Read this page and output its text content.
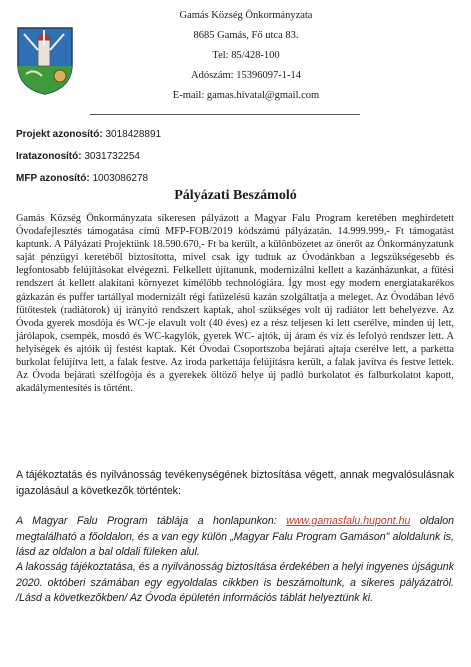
Gamás Község Önkormányzata
8685 Gamás, Fő utca 83.
Tel: 85/428-100
Adószám: 15396097-1-14
E-mail: gamas.hivatal@gmail.com
Projekt azonosító: 3018428891
Iratazonosító: 3031732254
MFP azonosító: 1003086278
Pályázati Beszámoló
Gamás Község Önkormányzata sikeresen pályázott a Magyar Falu Program keretében meghirdetett Óvodafejlesztés támogatása című MFP-FOB/2019 kódszámú pályázatán. 14.999.999,- Ft támogatást kaptunk. A Pályázati Projektünk 18.590.670,- Ft ba került, a különbözetet az önerőt az Önkormányzatunk saját pénzügyi keretéből biztosította, mivel csak így tudtuk az Óvodánkban a legszükségesebb és legfontosabb felújításokat elvégezni. Felkellett újítanunk, modernizálni kellett a kazánházunkat, a fűtési rendszert át kellett alakítani környezet kímélőbb technológiára. Így most egy modern energiatakarékos gázkazán és puffer tartállyal modernizált régi fatüzelésű kazán szolgáltatja a meleget. Az Óvodában lévő fűtőtestek (radiátorok) új irányító rendszert kaptak, ahol szükséges volt új radiátor lett behelyezve. Az Óvoda gyerek mosdója és WC-je elavult volt (40 éves) ez a rész teljesen ki lett cserélve, minden új lett, járólapok, csempék, mosdó és WC-kagylók, gyerek WC- ajtók, új áram és víz és lefolyó rendszer lett. A helyiségek és ajtóik új festést kaptak. Két Óvodai Csoportszoba bejárati ajtaja cserélve lett, a parketta burkolat felújítva lett, a falak festve. Az iroda parkettája felújításra került, a falak javítva és festve lettek. Az Óvoda bejárati szélfogója és a gyerekek öltöző helye új padló burkolatot és falburkolatot kapott, akadálymentesítés is történt.
A tájékoztatás és nyilvánosság tevékenységének biztosítása végett, annak megvalósulásnak igazolásául a következők történtek:
A Magyar Falu Program táblája a honlapunkon: www.gamasfalu.hupont.hu oldalon megtalálható a főoldalon, és a van egy külön „Magyar Falu Program Gamáson" aloldalunk is, lásd az oldalon a bal oldali füleken alul.
A lakosság tájékoztatása, és a nyilvánosság biztosítása érdekében a helyi ingyenes újságunk 2020. októberi számában egy egyoldalas cikkben is beszámoltunk, a sikeres pályázatról. /Lásd a következőkben/ Az Óvoda épületén információs táblát helyeztünk ki.
